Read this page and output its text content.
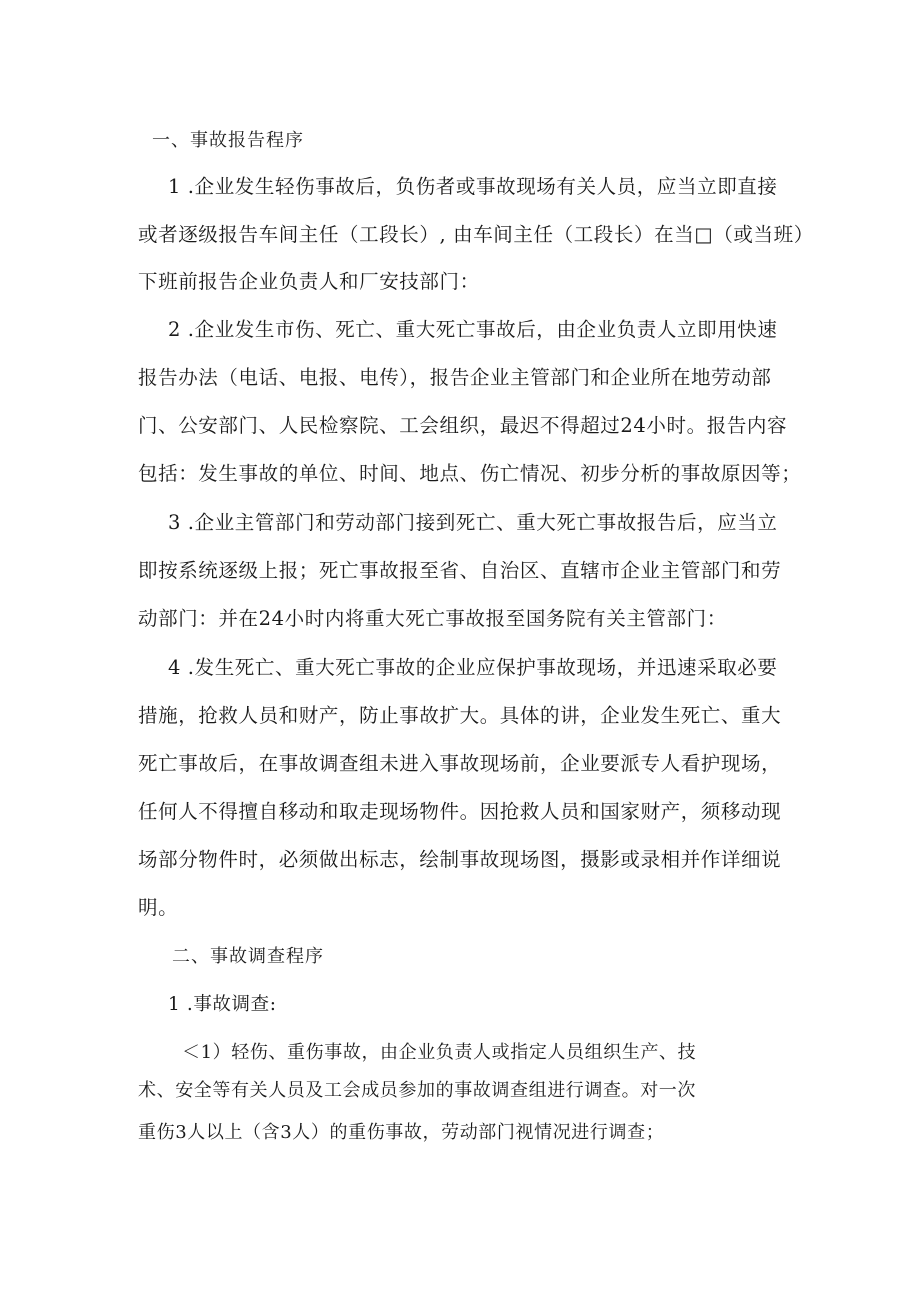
一、事故报告程序
1 .企业发生轻伤事故后，负伤者或事故现场有关人员，应当立即直接
或者逐级报告车间主任（工段长）, 由车间主任（工段长）在当□（或当班）
下班前报告企业负责人和厂安技部门：
2 .企业发生市伤、死亡、重大死亡事故后，由企业负责人立即用快速
报告办法（电话、电报、电传），报告企业主管部门和企业所在地劳动部
门、公安部门、人民检察院、工会组织，最迟不得超过24小时。报告内容
包括：发生事故的单位、时间、地点、伤亡情况、初步分析的事故原因等；
3 .企业主管部门和劳动部门接到死亡、重大死亡事故报告后，应当立
即按系统逐级上报；死亡事故报至省、自治区、直辖市企业主管部门和劳
动部门：并在24小时内将重大死亡事故报至国务院有关主管部门：
4 .发生死亡、重大死亡事故的企业应保护事故现场，并迅速采取必要
措施，抢救人员和财产，防止事故扩大。具体的讲，企业发生死亡、重大
死亡事故后，在事故调查组未进入事故现场前，企业要派专人看护现场，
任何人不得擅自移动和取走现场物件。因抢救人员和国家财产，须移动现
场部分物件时，必须做出标志，绘制事故现场图，摄影或录相并作详细说
明。
二、事故调查程序
1 .事故调查:
＜1）轻伤、重伤事故，由企业负责人或指定人员组织生产、技
术、安全等有关人员及工会成员参加的事故调查组进行调查。对一次
重伤3人以上（含3人）的重伤事故，劳动部门视情况进行调查；
